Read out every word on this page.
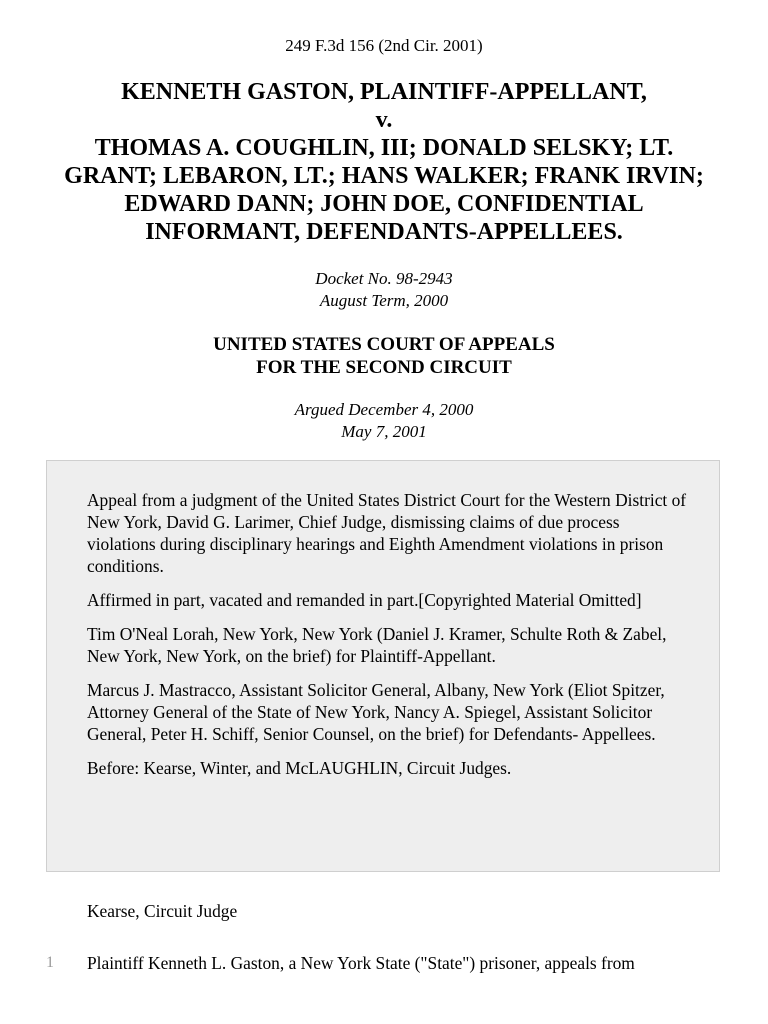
249 F.3d 156 (2nd Cir. 2001)
KENNETH GASTON, PLAINTIFF-APPELLANT,
v.
THOMAS A. COUGHLIN, III; DONALD SELSKY; LT.
GRANT; LEBARON, LT.; HANS WALKER; FRANK IRVIN;
EDWARD DANN; JOHN DOE, CONFIDENTIAL
INFORMANT, DEFENDANTS-APPELLEES.
Docket No. 98-2943
August Term, 2000
UNITED STATES COURT OF APPEALS
FOR THE SECOND CIRCUIT
Argued December 4, 2000
May 7, 2001

Appeal from a judgment of the United States District Court for the Western District of New York, David G. Larimer, Chief Judge, dismissing claims of due process violations during disciplinary hearings and Eighth Amendment violations in prison conditions.

Affirmed in part, vacated and remanded in part.[Copyrighted Material Omitted]

Tim O'Neal Lorah, New York, New York (Daniel J. Kramer, Schulte Roth & Zabel, New York, New York, on the brief) for Plaintiff-Appellant.

Marcus J. Mastracco, Assistant Solicitor General, Albany, New York (Eliot Spitzer, Attorney General of the State of New York, Nancy A. Spiegel, Assistant Solicitor General, Peter H. Schiff, Senior Counsel, on the brief) for Defendants- Appellees.

Before: Kearse, Winter, and McLAUGHLIN, Circuit Judges.

Kearse, Circuit Judge
1 Plaintiff Kenneth L. Gaston, a New York State ("State") prisoner, appeals from
